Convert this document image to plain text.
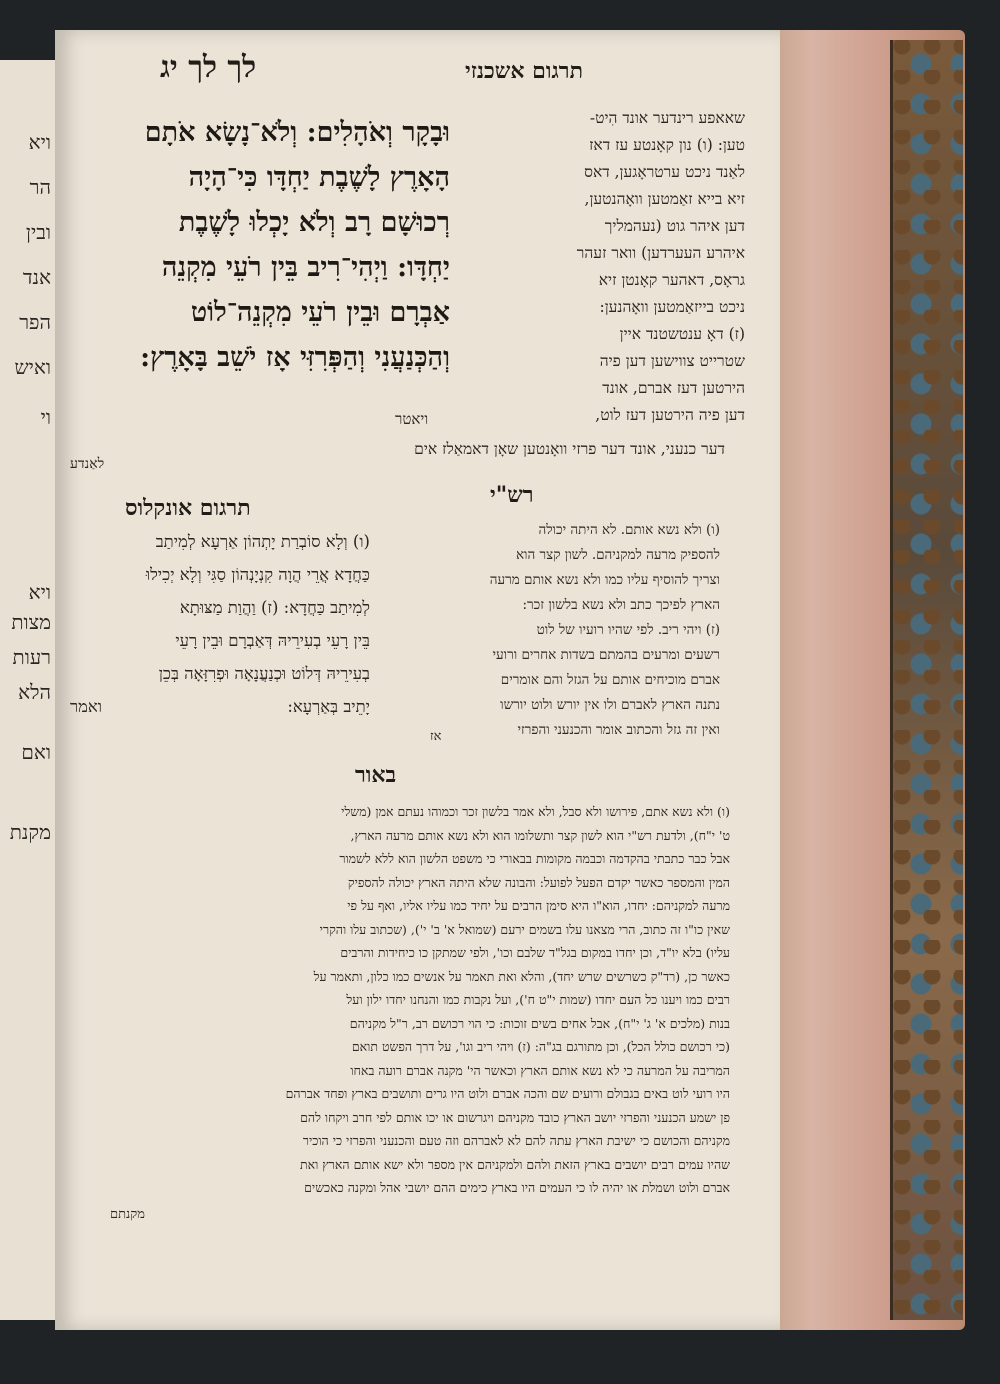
ויא
הר
ובין
אנד
הפר
ואיש
וי
ויא
מצות
רעות
הלא
מקנת
ואם
לך לך יג	תרגום אשכנזי
וּבָקָר וְאֹהָלִים: וְלֹא־נָשָׂא אֹתָם
הָאָרֶץ לָשֶׁבֶת יַחְדָּו כִּי־הָיָה
רְכוּשָׁם רָב וְלֹא יָכְלוּ לָשֶׁבֶת
יַחְדָּו: וַיְהִי־רִיב בֵּין רֹעֵי מִקְנֵה
אַבְרָם וּבֵין רֹעֵי מִקְנֵה־לוֹט
וְהַכְּנַעֲנִי וְהַפְּרִזִּי אָז יֹשֵׁב בָּאָרֶץ:
שאאפע רינדער אונד הִיט-
טען: (ו) נון קאָנטע עז דאז
לאַנד ניכט ערטראָגען, דאס
זיא בייא זאַמטען וואָהנטען,
דען איהר גוט (נעהמליך
איהרע העערדען) וואר זעהר
גראָס, דאהער קאָנטן זיא
ניכט בייזאַמטען וואָהנען:
(ז) דאָ ענטשטנד איין
שטרייט צווישען דען פיה
הירטען דעז אברם, אונד
דען פיה הירטען דעז לוט,
ויאטר
דער כנעני, אונד דער פרזי וואָנטען שאָן דאמאַלז אים
לאַנדע
רש"י
תרגום אונקלוס
(ו) ולא נשא אותם. לא היתה יכולה
להספיק מרעה למקניהם. לשון קצר הוא
וצריך להוסיף עליו כמו ולא נשא אותם מרעה
הארץ לפיכך כתב ולא נשא בלשון זכר:
(ז) ויהי ריב. לפי שהיו רועיו של לוט
רשעים ומרעים בהמתם בשדות אחרים ורועי
אברם מוכיחים אותם על הגזל והם אומרים
נתנה הארץ לאברם ולו אין יורש ולוט יורשו
ואין זה גזל והכתוב אומר והכנעני והפרזי
אז
(ו) וְלָא סוֹבְרַת יָתְהוֹן אַרְעָא לְמִיתַב
כַּחֲדָא אֲרֵי הֲוָה קִנְיָנְהוֹן סַגִּי וְלָא יְכִילוּ
לְמִיתַב כַּחֲדָא: (ז) וַהֲוַת מַצּוּתָא
בֵּין רָעֵי בְעִירֵיהּ דְּאַבְרָם וּבֵין רָעֵי
בְעִירֵיהּ דְּלוֹט וּכְנַעֲנָאָה וּפְרִזָּאָה בְּכֵן
יָתֵיב בְּאַרְעָא:
ואמר
באור
(ו) ולא נשא אתם, פירושו ולא סבל, ולא אמר בלשון זכר וכמוהו נעתם אמן (משלי
ט' י"ח), ולדעת רש"י הוא לשון קצר ותשלומו הוא ולא נשא אותם מרעה הארץ,
אבל כבר כתבתי בהקדמה וכבמה מקומות בבאורי כי משפט הלשון הוא ללא לשמור
המין והמספר כאשר יקדם הפעל לפועל: והבונה שלא היתה הארץ יכולה להספיק
מרעה למקניהם: יחדו, הוא"ו היא סימן הרבים על יחיד כמו עליו אליו, ואף על פי
שאין כו"ו זה כתוב, הרי מצאנו עלו בשמים ירעם (שמואל א' ב' י'), (שכתוב עלו והקרי
עליו) בלא יו"ד, וכן יחדו במקום בגל"ד שלבם וכו', ולפי שמתקן כו כיחידות והרבים
כאשר כן, (רד"ק כשרשים שרש יחד), והלא ואת תאמר על אנשים כמו כלון, ותאמר על
רבים כמו ויענו כל העם יחדו (שמות י"ט ח'), ועל נקבות כמו והנחנו יחדו ילון ועל
בנות (מלכים א' ג' י"ח), אבל אחים בשים זוכות: כי הוי רכושם רב, ר"ל מקניהם
(כי רכושם כולל הכל), וכן מתורגם בג"ה: (ז) ויהי ריב וגו', על דרך הפשט תואם
המריבה על המרעה כי לא נשא אותם הארץ וכאשר הי' מקנה אברם רועה באחו
היו רועי לוט באים בגבולם ורועים שם והכה אברם ולוט היו גרים ותושבים בארץ ופחד אברהם
פן ישמע הכנעני והפרזי יושב הארץ כובד מקניהם ויגרשום או יכו אותם לפי חרב ויקחו להם
מקניהם והכושם כי ישיבת הארץ עתה להם לא לאברהם וזה טעם והכנעני והפרזי כי הוכיר
שהיו עמים רבים יושבים בארץ הזאת ולהם ולמקניהם אין מספר ולא ישא אותם הארץ ואת
אברם ולוט ושמלת או יהיה לו כי העמים היו בארץ כימים ההם יושבי אהל ומקנה כאכשים
מקנתם
